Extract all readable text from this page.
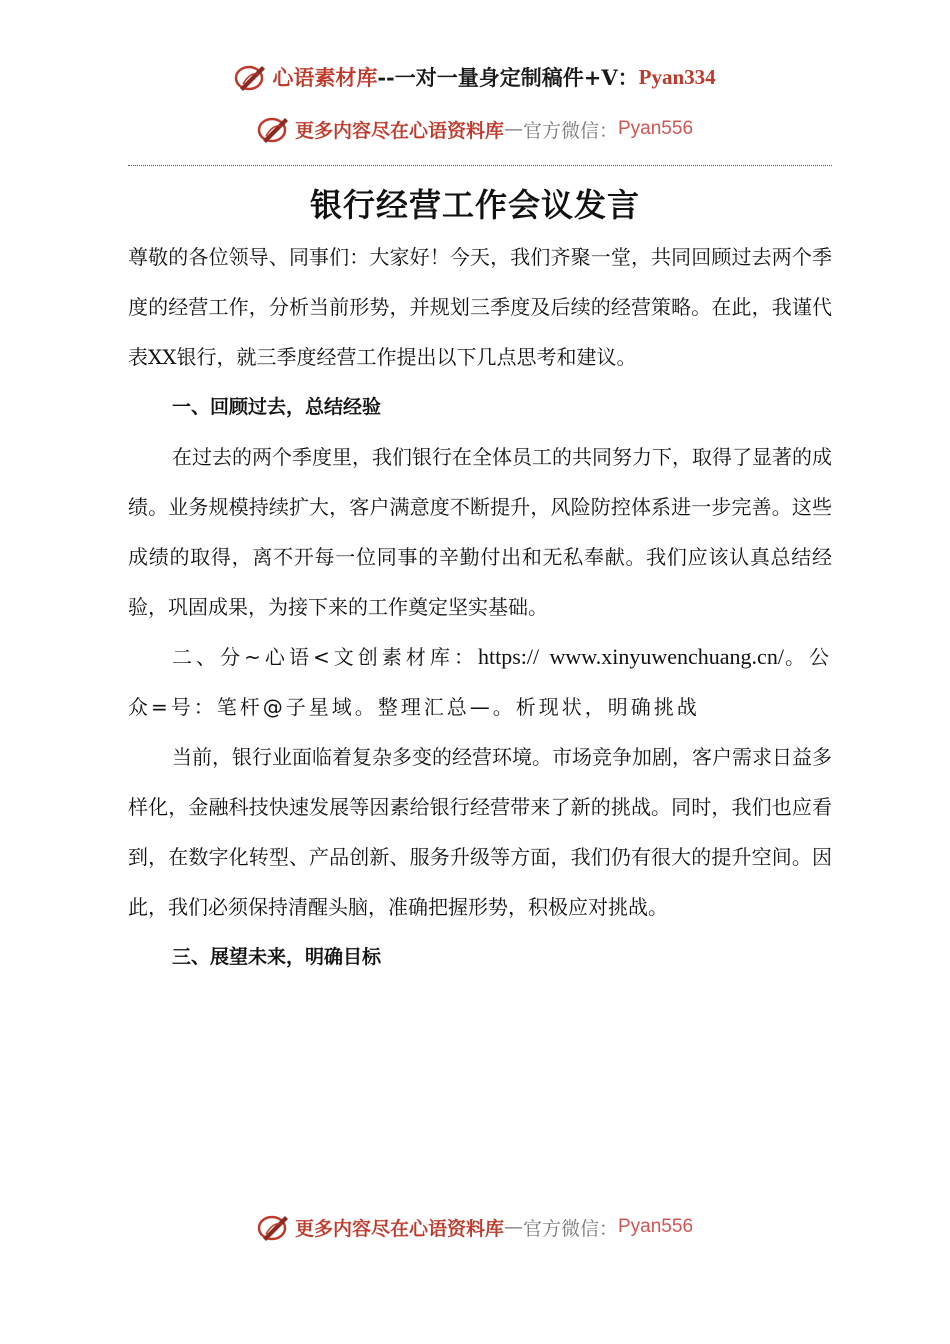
心语素材库 -- 一对一量身定制稿件+V： Pyan334
更多内容尽在心语资料库 — 官方微信： Pyan556
银行经营工作会议发言

尊敬的各位领导、同事们：大家好！今天，我们齐聚一堂，共同回顾过去两个季度的经营工作，分析当前形势，并规划三季度及后续的经营策略。在此，我谨代表XX银行，就三季度经营工作提出以下几点思考和建议。

一、回顾过去，总结经验

在过去的两个季度里，我们银行在全体员工的共同努力下，取得了显著的成绩。业务规模持续扩大，客户满意度不断提升，风险防控体系进一步完善。这些成绩的取得，离不开每一位同事的辛勤付出和无私奉献。我们应该认真总结经验，巩固成果，为接下来的工作奠定坚实基础。

二、分~心语<文创素材库：https:// www.xinyuwenchuang.cn/。公众=号：笔杆@子星域。整理汇总—。析现状，明确挑战

当前，银行业面临着复杂多变的经营环境。市场竞争加剧，客户需求日益多样化，金融科技快速发展等因素给银行经营带来了新的挑战。同时，我们也应看到，在数字化转型、产品创新、服务升级等方面，我们仍有很大的提升空间。因此，我们必须保持清醒头脑，准确把握形势，积极应对挑战。

三、展望未来，明确目标

更多内容尽在心语资料库 — 官方微信： Pyan556
